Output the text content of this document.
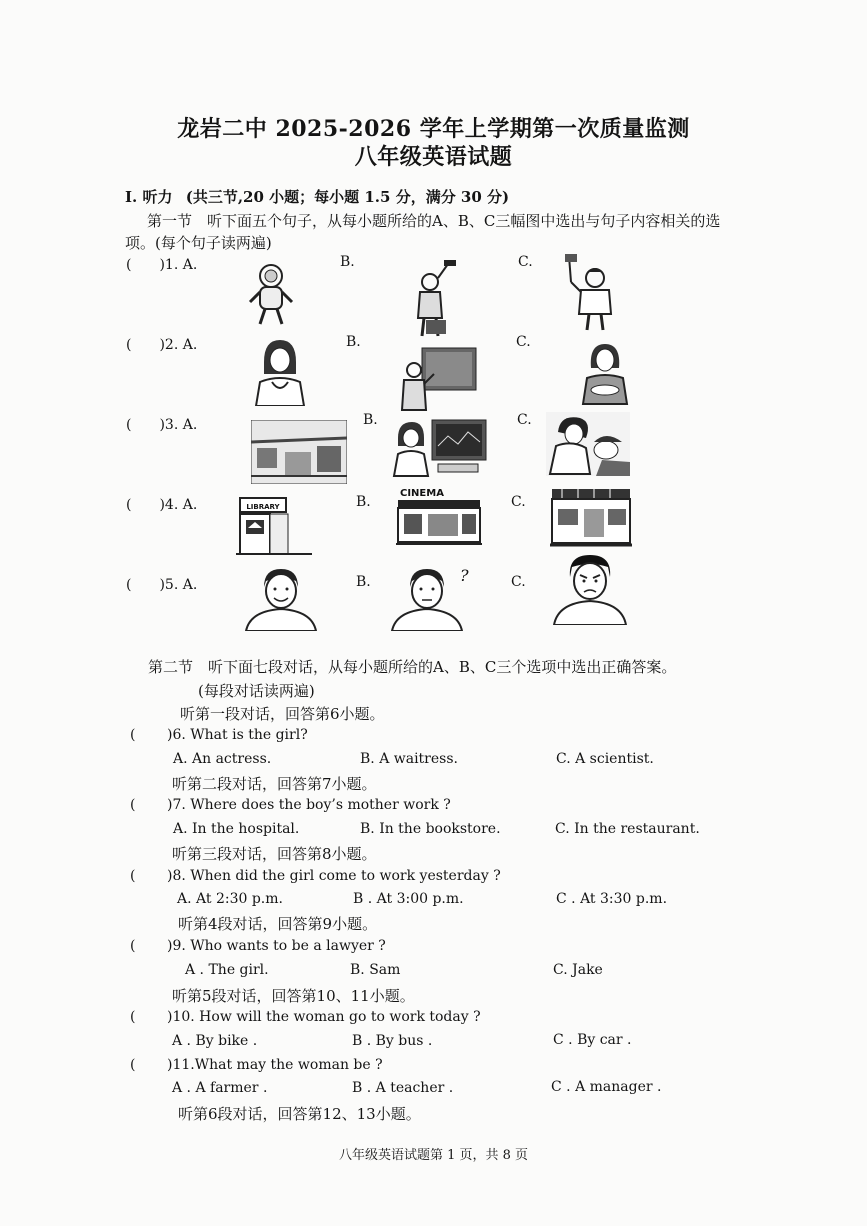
龙岩二中 2025-2026 学年上学期第一次质量监测
八年级英语试题
I. 听力 (共三节,20 小题；每小题 1.5 分，满分 30 分)
第一节　听下面五个句子，从每小题所给的A、B、C三幅图中选出与句子内容相关的选
项。(每个句子读两遍)
(　　)1. A.	B.	C.
(　　)2. A.	B.	C.
(　　)3. A.	B.	C.
(　　)4. A.	B.	C.
LIBRARY
CINEMA
(　　)5. A.	B.	C.
?
第二节　听下面七段对话，从每小题所给的A、B、C三个选项中选出正确答案。
(每段对话读两遍)
听第一段对话，回答第6小题。
听第二段对话，回答第7小题。
听第三段对话，回答第8小题。
听第4段对话，回答第9小题。
听第5段对话，回答第10、11小题。
听第6段对话，回答第12、13小题。
( )6. What is the girl?
A. An actress.	B. A waitress.	C. A scientist.
( )7. Where does the boy’s mother work ?
A. In the hospital.	B. In the bookstore.	C. In the restaurant.
( )8. When did the girl come to work yesterday ?
A. At 2:30 p.m.	B . At 3:00 p.m.	C . At 3:30 p.m.
( )9. Who wants to be a lawyer ?
A . The girl.	B. Sam	C. Jake
( )10. How will the woman go to work today ?
A . By bike .	B . By bus .	C . By car .
( )11.What may the woman be ?
A . A farmer .	B . A teacher .	C . A manager .
八年级英语试题第 1 页，共 8 页
